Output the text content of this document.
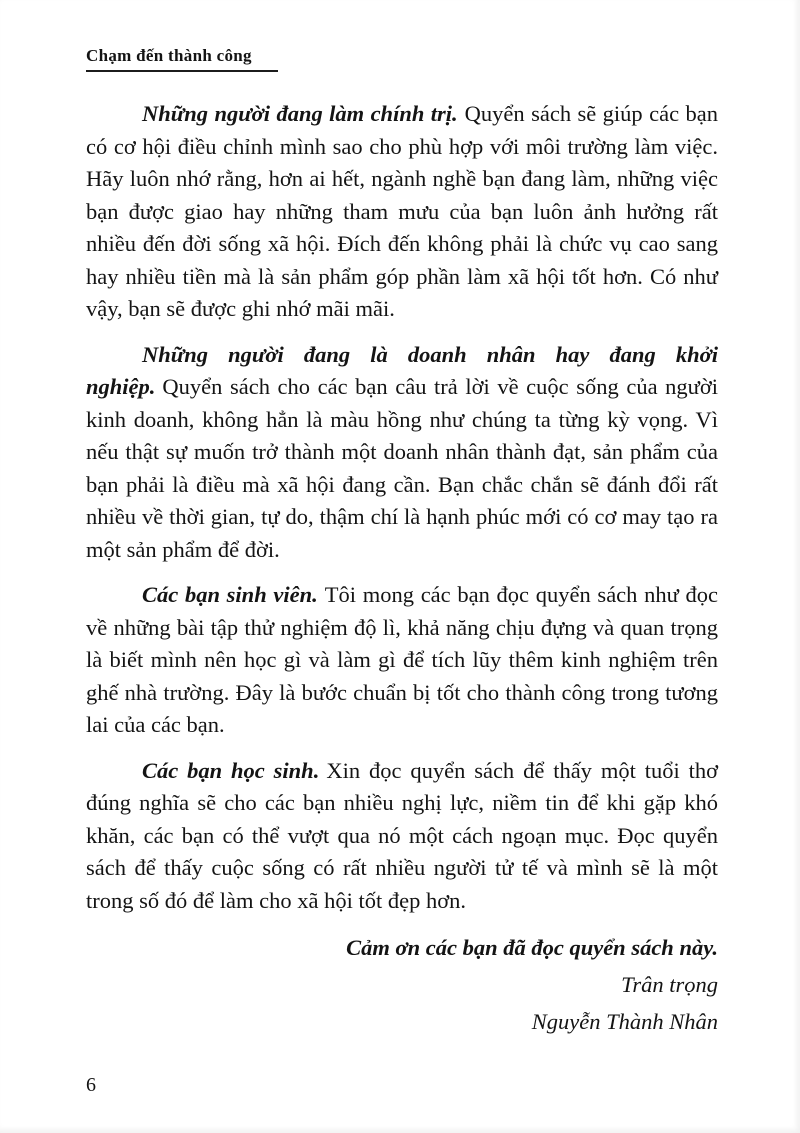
Chạm đến thành công

Những người đang làm chính trị. Quyển sách sẽ giúp các bạn có cơ hội điều chỉnh mình sao cho phù hợp với môi trường làm việc. Hãy luôn nhớ rằng, hơn ai hết, ngành nghề bạn đang làm, những việc bạn được giao hay những tham mưu của bạn luôn ảnh hưởng rất nhiều đến đời sống xã hội. Đích đến không phải là chức vụ cao sang hay nhiều tiền mà là sản phẩm góp phần làm xã hội tốt hơn. Có như vậy, bạn sẽ được ghi nhớ mãi mãi.

Những người đang là doanh nhân hay đang khởi nghiệp. Quyển sách cho các bạn câu trả lời về cuộc sống của người kinh doanh, không hẳn là màu hồng như chúng ta từng kỳ vọng. Vì nếu thật sự muốn trở thành một doanh nhân thành đạt, sản phẩm của bạn phải là điều mà xã hội đang cần. Bạn chắc chắn sẽ đánh đổi rất nhiều về thời gian, tự do, thậm chí là hạnh phúc mới có cơ may tạo ra một sản phẩm để đời.

Các bạn sinh viên. Tôi mong các bạn đọc quyển sách như đọc về những bài tập thử nghiệm độ lì, khả năng chịu đựng và quan trọng là biết mình nên học gì và làm gì để tích lũy thêm kinh nghiệm trên ghế nhà trường. Đây là bước chuẩn bị tốt cho thành công trong tương lai của các bạn.

Các bạn học sinh. Xin đọc quyển sách để thấy một tuổi thơ đúng nghĩa sẽ cho các bạn nhiều nghị lực, niềm tin để khi gặp khó khăn, các bạn có thể vượt qua nó một cách ngoạn mục. Đọc quyển sách để thấy cuộc sống có rất nhiều người tử tế và mình sẽ là một trong số đó để làm cho xã hội tốt đẹp hơn.

Cảm ơn các bạn đã đọc quyển sách này.

Trân trọng

Nguyễn Thành Nhân

6
